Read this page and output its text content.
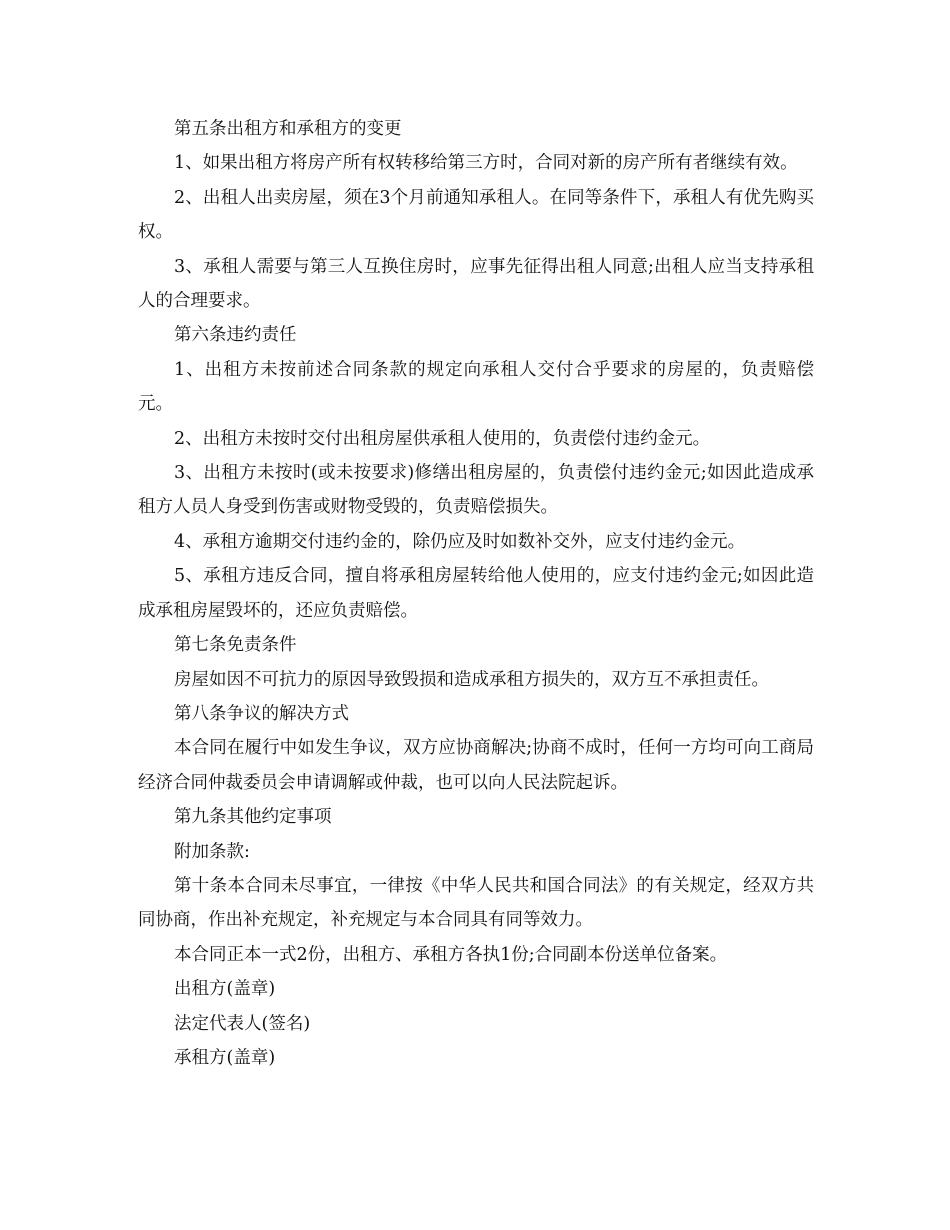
第五条出租方和承租方的变更

1、如果出租方将房产所有权转移给第三方时，合同对新的房产所有者继续有效。

2、出租人出卖房屋，须在3个月前通知承租人。在同等条件下，承租人有优先购买权。

3、承租人需要与第三人互换住房时，应事先征得出租人同意;出租人应当支持承租人的合理要求。

第六条违约责任

1、出租方未按前述合同条款的规定向承租人交付合乎要求的房屋的，负责赔偿元。

2、出租方未按时交付出租房屋供承租人使用的，负责偿付违约金元。

3、出租方未按时(或未按要求)修缮出租房屋的，负责偿付违约金元;如因此造成承租方人员人身受到伤害或财物受毁的，负责赔偿损失。

4、承租方逾期交付违约金的，除仍应及时如数补交外，应支付违约金元。

5、承租方违反合同，擅自将承租房屋转给他人使用的，应支付违约金元;如因此造成承租房屋毁坏的，还应负责赔偿。

第七条免责条件

房屋如因不可抗力的原因导致毁损和造成承租方损失的，双方互不承担责任。

第八条争议的解决方式

本合同在履行中如发生争议，双方应协商解决;协商不成时，任何一方均可向工商局经济合同仲裁委员会申请调解或仲裁，也可以向人民法院起诉。

第九条其他约定事项

附加条款:

第十条本合同未尽事宜，一律按《中华人民共和国合同法》的有关规定，经双方共同协商，作出补充规定，补充规定与本合同具有同等效力。

本合同正本一式2份，出租方、承租方各执1份;合同副本份送单位备案。

出租方(盖章)

法定代表人(签名)

承租方(盖章)
